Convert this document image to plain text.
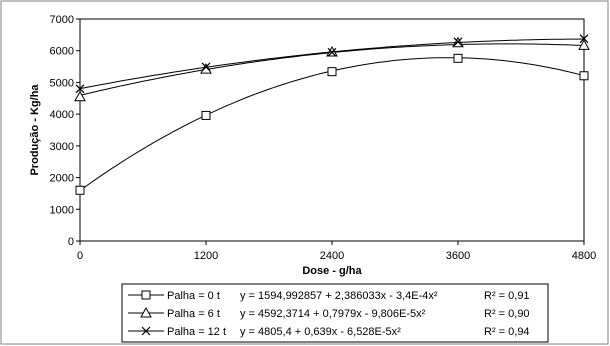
0
1000
2000
3000
4000
5000
6000
7000
0	1200	2400	3600	4800
Dose - g/ha
Produção - Kg/ha
Palha = 0 t y = 1594,992857 + 2,386033x - 3,4E-4x²	R² = 0,91
Palha = 6 t y = 4592,3714 + 0,7979x - 9,806E-5x²	R² = 0,90
Palha = 12 t y = 4805,4 + 0,639x - 6,528E-5x²	R² = 0,94
